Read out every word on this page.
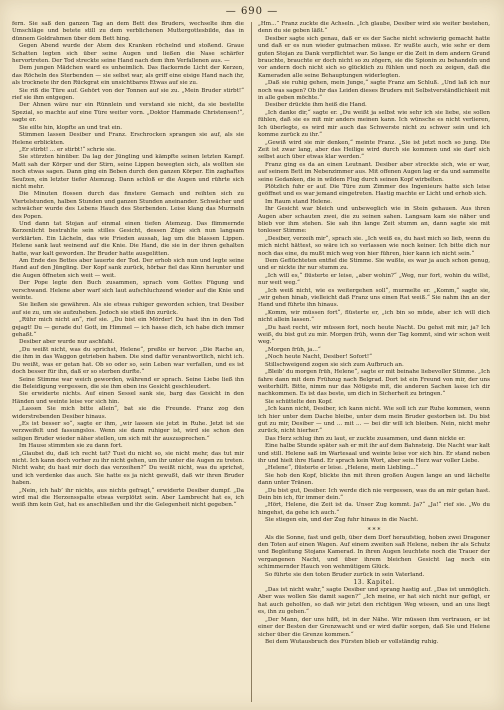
— 690 —

fern. Sie saß den ganzen Tag an dem Bett des Bruders, wechselte ihm die Umschläge und betete still zu dem verblichenen Muttergottesbilde, das in dünnem Goldrahmen über dem Bett hing.

Gegen Abend wurde der Atem des Kranken röchelnd und stoßend. Graue Schatten legten sich über seine Augen und ließen die Nase schärfer hervortreten. Der Tod streckte seine Hand nach dem ihm Verfallenen aus. —

Dem jungen Mädchen ward es unheimlich. Das flackernde Licht der Kerzen, das Röcheln des Sterbenden — sie selbst war, als griff eine eisige Hand nach ihr, als trocknete ihr den Rückgrat ein unsichtbares Etwas auf sie zu.

Sie riß die Türe auf. Gehört von der Tonnen auf sie zu. „Mein Bruder stirbt!“ rief sie ihm entgegen.

Der Ahnen wäre nur ein Rünnlein und verstand sie nicht, da sie bestellte Spezial, so machte auf eine Türe weiter vorn. „Doktor Hammade Christensen!“, sagte er.

Sie eilte hin, klopfte an und trat ein.

Stimmen lassen Desiber und Franz. Erschrocken sprangen sie auf, als sie Helene erblickten.

„Er stirbt! ... er stirbt!“ schrie sie.

Sie stürzten hinüber. Da lag der Jüngling und kämpfte seinen letzten Kampf. Matt sah der Körper und der Stirn, seine Lippen bewegten sich, als wollten sie noch etwas sagen. Dann ging ein Beben durch den ganzen Körper. Ein zaghaftes Seufzen, ein letzter tiefer Atemzug. Dann schloß er die Augen und rührte sich nicht mehr.

Die Minuten flossen durch das finstere Gemach und reihten sich zu Viertelstunden, halben Stunden und ganzen Stunden aneinander. Schwächer und schwächer wurde des Lebens Hauch des Sterbenden. Leise klang das Murmeln des Popen.

Und dann tat Stojan auf einmal einen tiefen Atemzug. Das flimmernde Kerzenlicht bestrahlte sein stilles Gesicht, dessen Züge sich nun langsam verklärten. Ein Lächeln, das wie Frieden aussah, lag um die blassen Lippen. Helene sank laut weinend auf die Knie. Die Hand, die sie in der ihren gehalten hatte, war kalt geworden. Ihr Bruder hatte ausgelitten.

Am Ende des Bettes aber lauerte der Tod. Der erhob sich nun und legte seine Hand auf den Jüngling. Der Kopf sank zurück, hörbar fiel das Kinn herunter und die Augen öffneten sich weit — weit.

Der Pope legte den Buch zusammen, sprach vom Gottes Fügung und verschwand. Helene aber warf sich laut aufschluchzend wieder auf die Knie und weinte.

Sie ließen sie gewähren. Als sie etwas ruhiger geworden schien, trat Desiber auf sie zu, um sie aufzuheben. Jedoch sie stieß ihn zurück.

„Rühr mich nicht an“, rief sie. „Du bist ein Mörder! Du hast ihn in den Tod gejagt! Du — gerade du! Gott, im Himmel — ich hasse dich, ich habe dich immer gehaßt.“

Desiber aber wurde nur aschfahl.

„Du weißt nicht, was du sprichst, Helene“, preßte er hervor. „Die Rache an, die ihm in das Waggon getrieben haben. Die sind dafür verantwortlich, nicht ich. Du weißt, was er getan hat. Ob so oder so, sein Leben war verfallen, und es ist doch besser für ihn, daß er so sterben durfte.“

Seine Stimme war weich geworden, während er sprach. Seine Liebe ließ ihn die Beleidigung vergessen, die sie ihm eben ins Gesicht geschleudert.

Sie erwiderte nichts. Auf einen Sessel sank sie, barg das Gesicht in den Händen und weinte leise vor sich hin.

„Lassen Sie mich bitte allein“, bat sie die Freunde. Franz zog den widerstrebenden Desiber hinaus.

„Es ist besser so“, sagte er ihm, „wir lassen sie jetzt in Ruhe. Jetzt ist sie verzweifelt und fassungslos. Wenn sie dann ruhiger ist, wird sie schon den seligen Bruder wieder näher stellen, um sich mit ihr auszusprechen.“

Im Hause stimmten sie zu dann fort.

„Glaubst du, daß ich recht tat? Tust du nicht so, sie nicht mehr, das tut mir nicht. Ich kann doch vorher zu ihr nicht gehen, um ihr unter die Augen zu treten. Nicht wahr, du hast mir doch das verzeihen?“ Du weißt nicht, was du sprichst, und ich verdenke das auch. Sie hatte es ja nicht gewußt, daß wir ihren Bruder haben.

„Nein, ich hab’ ihr nichts, aus nichts gefragt,“ erwiderte Desiber dumpf. „Da wird mal die Herzensspalte etwas verplötzt sein. Aber Lambrecht hat es, ich weiß ihm kein Gut, hat es anschließen und ihr die Gelegenheit nicht gegeben.“

„Hm...“ Franz zuckte die Achseln. „Ich glaube, Desiber wird sie weiter bestehen, denn du sie geben läßt.“

Desiber sagte sich genau, daß er es der Sache nicht schwierig gemacht hatte und daß er es nun wieder gutmachen müsse. Er wußte auch, wie sehr er dem guten Stojan zu Dank verpflichtet war. So lange er die Zeit in dem andern Grund brauchte, brauchte er doch nicht so zu zögern, sie die Spionin zu behandeln und vor andern doch nicht sich so glücklich zu fühlen und noch zu zeigen, daß die Kameraden alle seine Behauptungen widerlegten.

„Daß sie ruhig gehen, mein Junge,“ sagte Franz am Schluß. „Und laß ich nur noch was sagen? Ob ihr das Leiden dieses Bruders mit Selbstverständlichkeit mit in alle geben möchte.“

Desiber drückte ihm heiß die Hand.

„Ich danke dir,“ sagte er. „Du weißt ja selbst wie sehr ich sie liebe, sie sollen fühlen, daß sie es mit mir anders meinen kann. Ich wünsche es nicht verlieren, Ich überlegte, es wird mir auch das Schwerste nicht zu schwer sein und ich komme zurück zu ihr.“

„Gewiß wird sie mir denken,“ meinte Franz. „Sie ist jetzt noch so jung. Die Zeit ist zwar lang, aber das Heilige wird durch sie kommen und sie darf sich selbst auch über etwas klar werden.“

Franz ging es da an einen Leutnant. Desiber aber streckte sich, wie er war, auf seinem Bett im Nebenzimmer aus. Mit offenen Augen lag er da und sammelte seine Gedanken, die in wildem Flug durch seinen Kopf wirbelten.

Plötzlich fuhr er auf. Die Türe zum Zimmer des Ingenieurs hatte sich leise geöffnet und es war jemand eingetreten. Hastig machte er Licht und erhob sich.

Im Raum stand Helene.

Ihr Gesicht war bleich und unbeweglich wie in Stein gehauen. Aus ihren Augen aber schauten zwei, die zu seinen sahen. Langsam kam sie näher und blieb vor ihm stehen. Sie sah ihn lange Zeit stumm an, dann sagte sie mit tonloser Stimme:

„Desiber, verzeih mir“, sprach sie. „Ich weiß es, du hast mich so lieb, wenn du mich nicht hättest, so wäre ich so verlassen wie noch keiner. Ich bitte dich nur noch das eine, du mußt mich weg von hier führen, hier kann ich nicht sein.“

Dem Geflüchteten entfiel die Stimme. Sie wußte, es war ja auch schon genug, und er nickte ihr nur stumm zu.

„Ich will es,“ flüsterte er leise, „aber wohin?“ „Weg, nur fort, wohin du willst, nur weit weg.“

„Ich weiß nicht, wie es weitergehen soll“, murmelte er. „Komm,“ sagte sie, „wir gehen hinab, vielleicht daß Franz uns einen Rat weiß.“ Sie nahm ihn an der Hand und führte ihn hinaus.

„Komm, wir müssen fort“, flüsterte er, „ich bin so müde, aber ich will dich nicht allein lassen.“

„Du hast recht, wir müssen fort, noch heute Nacht. Du gehst mit mir, ja? Ich weiß, du bist gut zu mir. Morgen früh, wenn der Tag kommt, sind wir schon weit weg.“

„Morgen früh, ja...“

„Noch heute Nacht, Desiber! Sofort!“

Stillschweigend zogen sie sich zum Aufbruch an.

„Bleib’ du morgen früh, Helene“, sagte er mit beinahe liebevoller Stimme. „Ich fahre dann mit dem Frühzug nach Belgrad. Dort ist ein Freund von mir, der uns weiterhilft. Bitte, nimm nur das Nötigste mit, die anderen Sachen lasse ich dir nachkommen. Es ist das beste, um dich in Sicherheit zu bringen.“

Sie schüttelte den Kopf.

„Ich kann nicht, Desiber, ich kann nicht. Wie soll ich zur Ruhe kommen, wenn ich hier unter dem Dache bleibe, unter dem mein Bruder gestorben ist. Du bist gut zu mir, Desiber — und ... mit ... — bei dir will ich bleiben. Nein, nicht mehr zurück, nicht hierher.“

Das Herz schlug ihm zu laut, er zuckte zusammen, und dann nickte er.

Eine halbe Stunde später sah er mit ihr auf dem Bahnsteig. Die Nacht war kalt und still. Helene saß im Wartesaal und weinte leise vor sich hin. Er stand neben ihr und hielt ihre Hand. Er sprach kein Wort, aber sein Herz war voller Liebe.

„Helene“, flüsterte er leise. „Helene, mein Liebling...“

Sie hob den Kopf, blickte ihn mit ihren großen Augen lange an und lächelte dann unter Tränen.

„Du bist gut, Desiber. Ich werde dich nie vergessen, was du an mir getan hast. Dein bin ich, für immer dein.“

„Hört, Helene, die Zeit ist da. Unser Zug kommt. Ja?“ „Ja!“ rief sie. „Wo du hingehst, da gehe ich auch.“

Sie stiegen ein, und der Zug fuhr hinaus in die Nacht.

* * *

Als die Sonne, fast und gelb, über dem Dorf heraufstieg, hoben zwei Dragoner den Toten auf einen Wagen. Auf einem zweiten saß Helene, neben ihr als Schutz und Begleitung Stojans Kamerad. In ihren Augen leuchtete noch die Trauer der vergangenen Nacht, und über ihrem bleichen Gesicht lag noch ein schimmernder Hauch von wehmütigem Glück.

So führte sie den toten Bruder zurück in sein Vaterland.

13. Kapitel.

„Das ist nicht wahr,“ sagte Desiber und sprang hastig auf. „Das ist unmöglich. Aber was wollen Sie damit sagen?“ „Ich meine, er hat sich nicht nur gefügt, er hat auch geholfen, so daß wir jetzt den richtigen Weg wissen, und an uns liegt es, ihn zu gehen.“

„Der Mann, der uns hilft, ist in der Nähe. Wir müssen ihm vertrauen, er ist einer der Besten der Grenzwacht und er wird dafür sorgen, daß Sie und Helene sicher über die Grenze kommen.“

Bei dem Wutausbruch des Fürsten blieb er vollständig ruhig.
